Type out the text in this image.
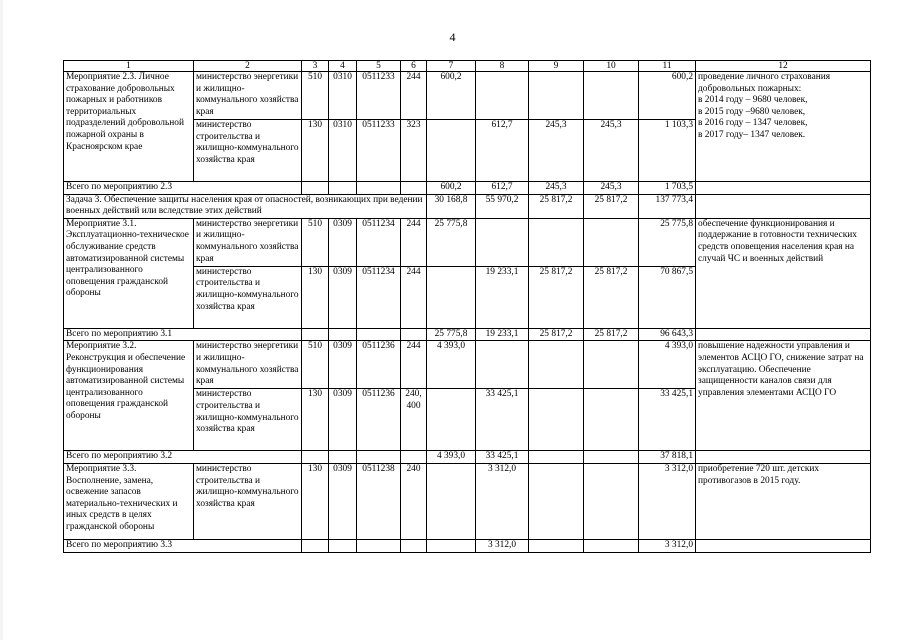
4
1	2	3	4	5	6	7	8	9	10	11	12
Мероприятие 2.3. Личное страхование добровольных пожарных и работников территориальных подразделений добровольной пожарной охраны в Красноярском крае	министерство энергетики и жилищно-коммунального хозяйства края	510	0310	0511233	244	600,2				600,2	проведение личного страхования добровольных пожарных:
в 2014 году – 9680 человек,
в 2015 году –9680 человек,
в 2016 году – 1347 человек,
в 2017 году– 1347 человек.
	министерство строительства и жилищно-коммунального хозяйства края	130	0310	0511233	323		612,7	245,3	245,3	1 103,3	
Всего по мероприятию 2.3						600,2	612,7	245,3	245,3	1 703,5	
Задача 3. Обеспечение защиты населения края от опасностей, возникающих при ведении военных действий или вследствие этих действий						30 168,8	55 970,2	25 817,2	25 817,2	137 773,4	
Мероприятие 3.1. Эксплуатационно-техническое обслуживание средств автоматизированной системы централизованного оповещения гражданской обороны	министерство энергетики и жилищно-коммунального хозяйства края	510	0309	0511234	244	25 775,8				25 775,8	обеспечение функционирования и поддержание в готовности технических средств оповещения населения края на случай ЧС и военных действий
	министерство строительства и жилищно-коммунального хозяйства края	130	0309	0511234	244		19 233,1	25 817,2	25 817,2	70 867,5	
Всего по мероприятию 3.1						25 775,8	19 233,1	25 817,2	25 817,2	96 643,3	
Мероприятие 3.2. Реконструкция и обеспечение функционирования автоматизированной системы централизованного оповещения гражданской обороны	министерство энергетики и жилищно-коммунального хозяйства края	510	0309	0511236	244	4 393,0				4 393,0	повышение надежности управления и элементов АСЦО ГО, снижение затрат на эксплуатацию. Обеспечение защищенности каналов связи для управления элементами АСЦО ГО
	министерство строительства и жилищно-коммунального хозяйства края	130	0309	0511236	240, 400		33 425,1			33 425,1	
Всего по мероприятию 3.2						4 393,0	33 425,1			37 818,1	
Мероприятие 3.3. Восполнение, замена, освежение запасов материально-технических и иных средств в целях гражданской обороны	министерство строительства и жилищно-коммунального хозяйства края	130	0309	0511238	240		3 312,0			3 312,0	приобретение 720 шт. детских противогазов в 2015 году.
Всего по мероприятию 3.3							3 312,0			3 312,0	
